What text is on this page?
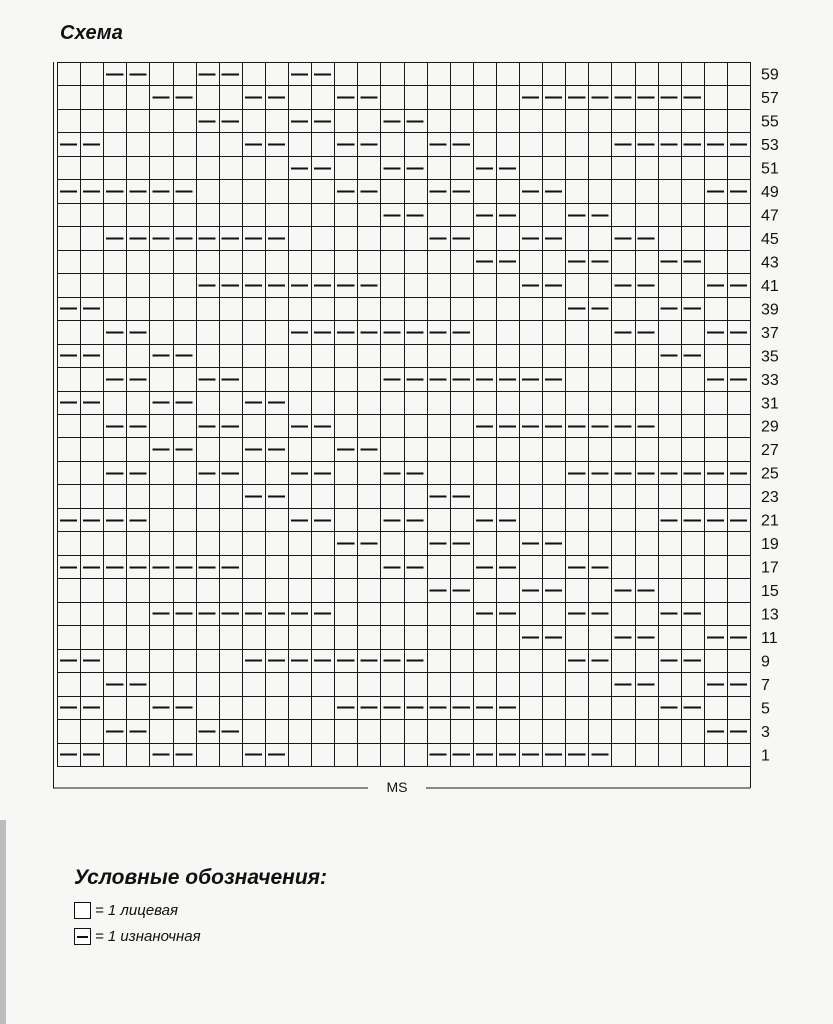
Схема
59
57
55
53
51
49
47
45
43
41
39
37
35
33
31
29
27
25
23
21
19
17
15
13
11
9
7
5
3
1
MS
Условные обозначения:
= 1 лицевая
= 1 изнаночная
